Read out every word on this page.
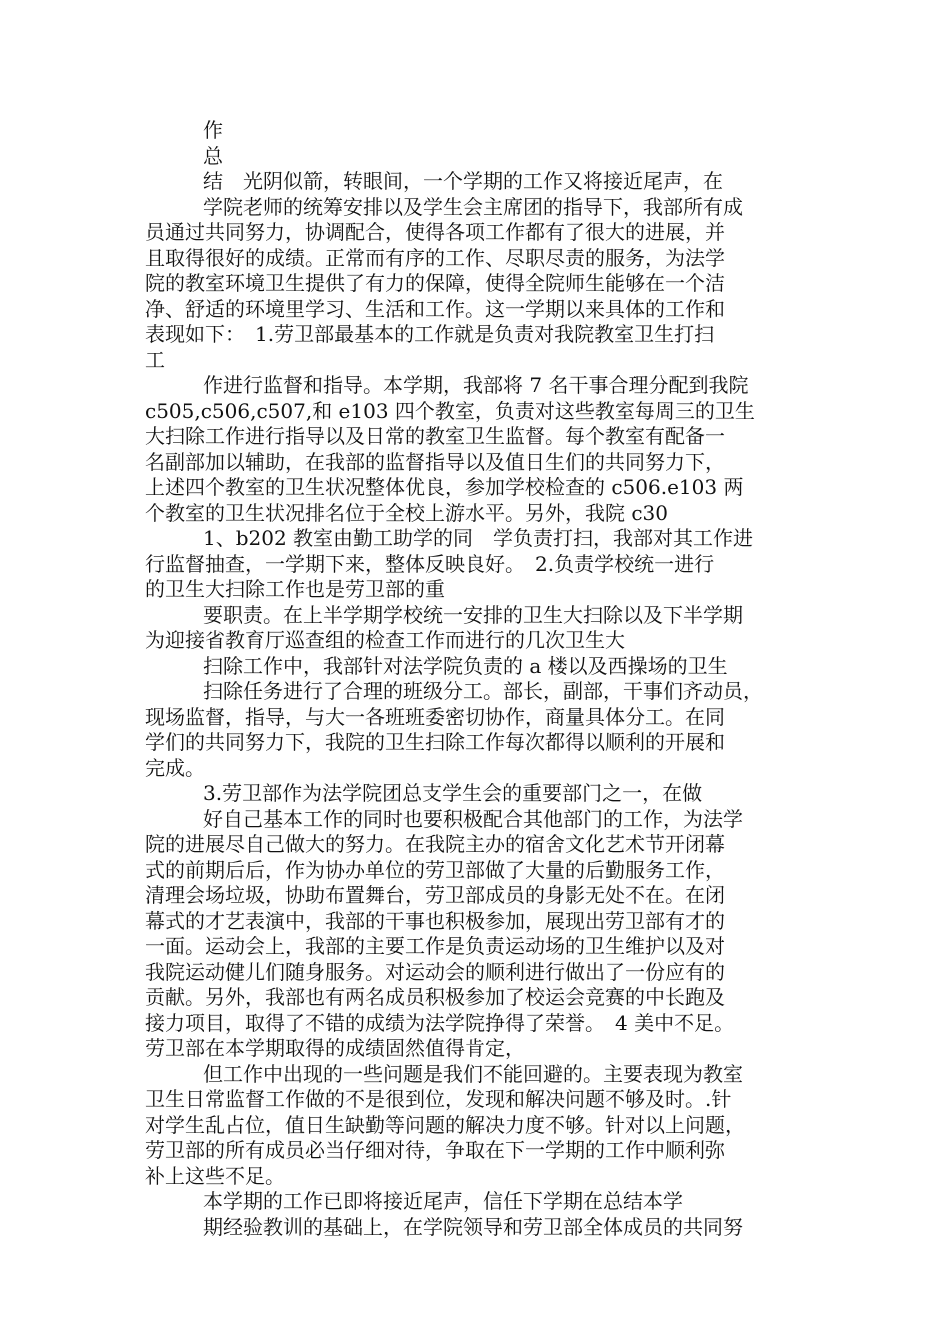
作
总
结　光阴似箭，转眼间，一个学期的工作又将接近尾声，在
学院老师的统筹安排以及学生会主席团的指导下，我部所有成
员通过共同努力，协调配合，使得各项工作都有了很大的进展，并
且取得很好的成绩。正常而有序的工作、尽职尽责的服务，为法学
院的教室环境卫生提供了有力的保障，使得全院师生能够在一个洁
净、舒适的环境里学习、生活和工作。这一学期以来具体的工作和
表现如下：　1.劳卫部最基本的工作就是负责对我院教室卫生打扫
工
作进行监督和指导。本学期，我部将 7 名干事合理分配到我院
c505,c506,c507,和 e103 四个教室，负责对这些教室每周三的卫生
大扫除工作进行指导以及日常的教室卫生监督。每个教室有配备一
名副部加以辅助，在我部的监督指导以及值日生们的共同努力下，
上述四个教室的卫生状况整体优良，参加学校检查的 c506.e103 两
个教室的卫生状况排名位于全校上游水平。另外，我院 c30
1、b202 教室由勤工助学的同　学负责打扫，我部对其工作进
行监督抽查，一学期下来，整体反映良好。　2.负责学校统一进行
的卫生大扫除工作也是劳卫部的重
要职责。在上半学期学校统一安排的卫生大扫除以及下半学期
为迎接省教育厅巡查组的检查工作而进行的几次卫生大
扫除工作中，我部针对法学院负责的 a 楼以及西操场的卫生
扫除任务进行了合理的班级分工。部长，副部，干事们齐动员，
现场监督，指导，与大一各班班委密切协作，商量具体分工。在同
学们的共同努力下，我院的卫生扫除工作每次都得以顺利的开展和
完成。
3.劳卫部作为法学院团总支学生会的重要部门之一，在做
好自己基本工作的同时也要积极配合其他部门的工作，为法学
院的进展尽自己做大的努力。在我院主办的宿舍文化艺术节开闭幕
式的前期后后，作为协办单位的劳卫部做了大量的后勤服务工作，
清理会场垃圾，协助布置舞台，劳卫部成员的身影无处不在。在闭
幕式的才艺表演中，我部的干事也积极参加，展现出劳卫部有才的
一面。运动会上，我部的主要工作是负责运动场的卫生维护以及对
我院运动健儿们随身服务。对运动会的顺利进行做出了一份应有的
贡献。另外，我部也有两名成员积极参加了校运会竞赛的中长跑及
接力项目，取得了不错的成绩为法学院挣得了荣誉。　4 美中不足。
劳卫部在本学期取得的成绩固然值得肯定，
但工作中出现的一些问题是我们不能回避的。主要表现为教室
卫生日常监督工作做的不是很到位，发现和解决问题不够及时。.针
对学生乱占位，值日生缺勤等问题的解决力度不够。针对以上问题，
劳卫部的所有成员必当仔细对待，争取在下一学期的工作中顺利弥
补上这些不足。
本学期的工作已即将接近尾声，信任下学期在总结本学
期经验教训的基础上，在学院领导和劳卫部全体成员的共同努
